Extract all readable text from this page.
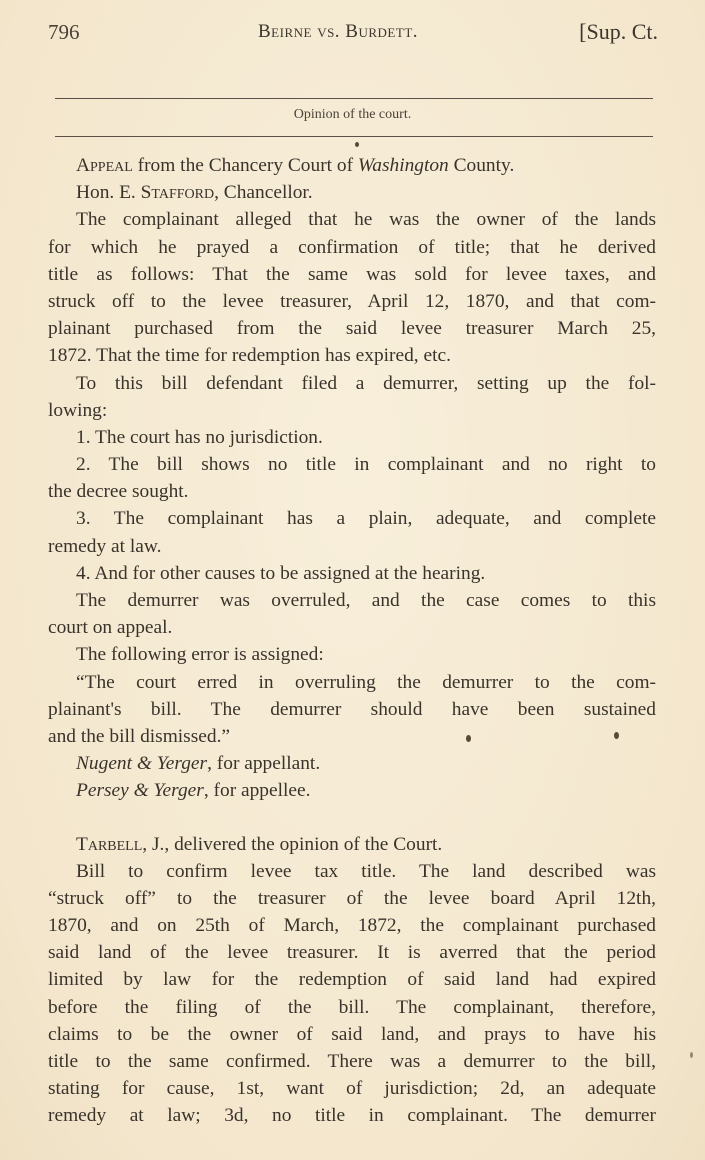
796	Beirne vs. Burdett.	[Sup. Ct.
Opinion of the court.
Appeal from the Chancery Court of Washington County.
Hon. E. Stafford, Chancellor.
The complainant alleged that he was the owner of the lands
for which he prayed a confirmation of title; that he derived
title as follows: That the same was sold for levee taxes, and
struck off to the levee treasurer, April 12, 1870, and that com-
plainant purchased from the said levee treasurer March 25,
1872. That the time for redemption has expired, etc.
To this bill defendant filed a demurrer, setting up the fol-
lowing:
1. The court has no jurisdiction.
2. The bill shows no title in complainant and no right to
the decree sought.
3. The complainant has a plain, adequate, and complete
remedy at law.
4. And for other causes to be assigned at the hearing.
The demurrer was overruled, and the case comes to this
court on appeal.
The following error is assigned:
“The court erred in overruling the demurrer to the com-
plainant's bill. The demurrer should have been sustained
and the bill dismissed.”
Nugent & Yerger, for appellant.
Persey & Yerger, for appellee.
Tarbell, J., delivered the opinion of the Court.
Bill to confirm levee tax title. The land described was
“struck off” to the treasurer of the levee board April 12th,
1870, and on 25th of March, 1872, the complainant purchased
said land of the levee treasurer. It is averred that the period
limited by law for the redemption of said land had expired
before the filing of the bill. The complainant, therefore,
claims to be the owner of said land, and prays to have his
title to the same confirmed. There was a demurrer to the bill,
stating for cause, 1st, want of jurisdiction; 2d, an adequate
remedy at law; 3d, no title in complainant. The demurrer
